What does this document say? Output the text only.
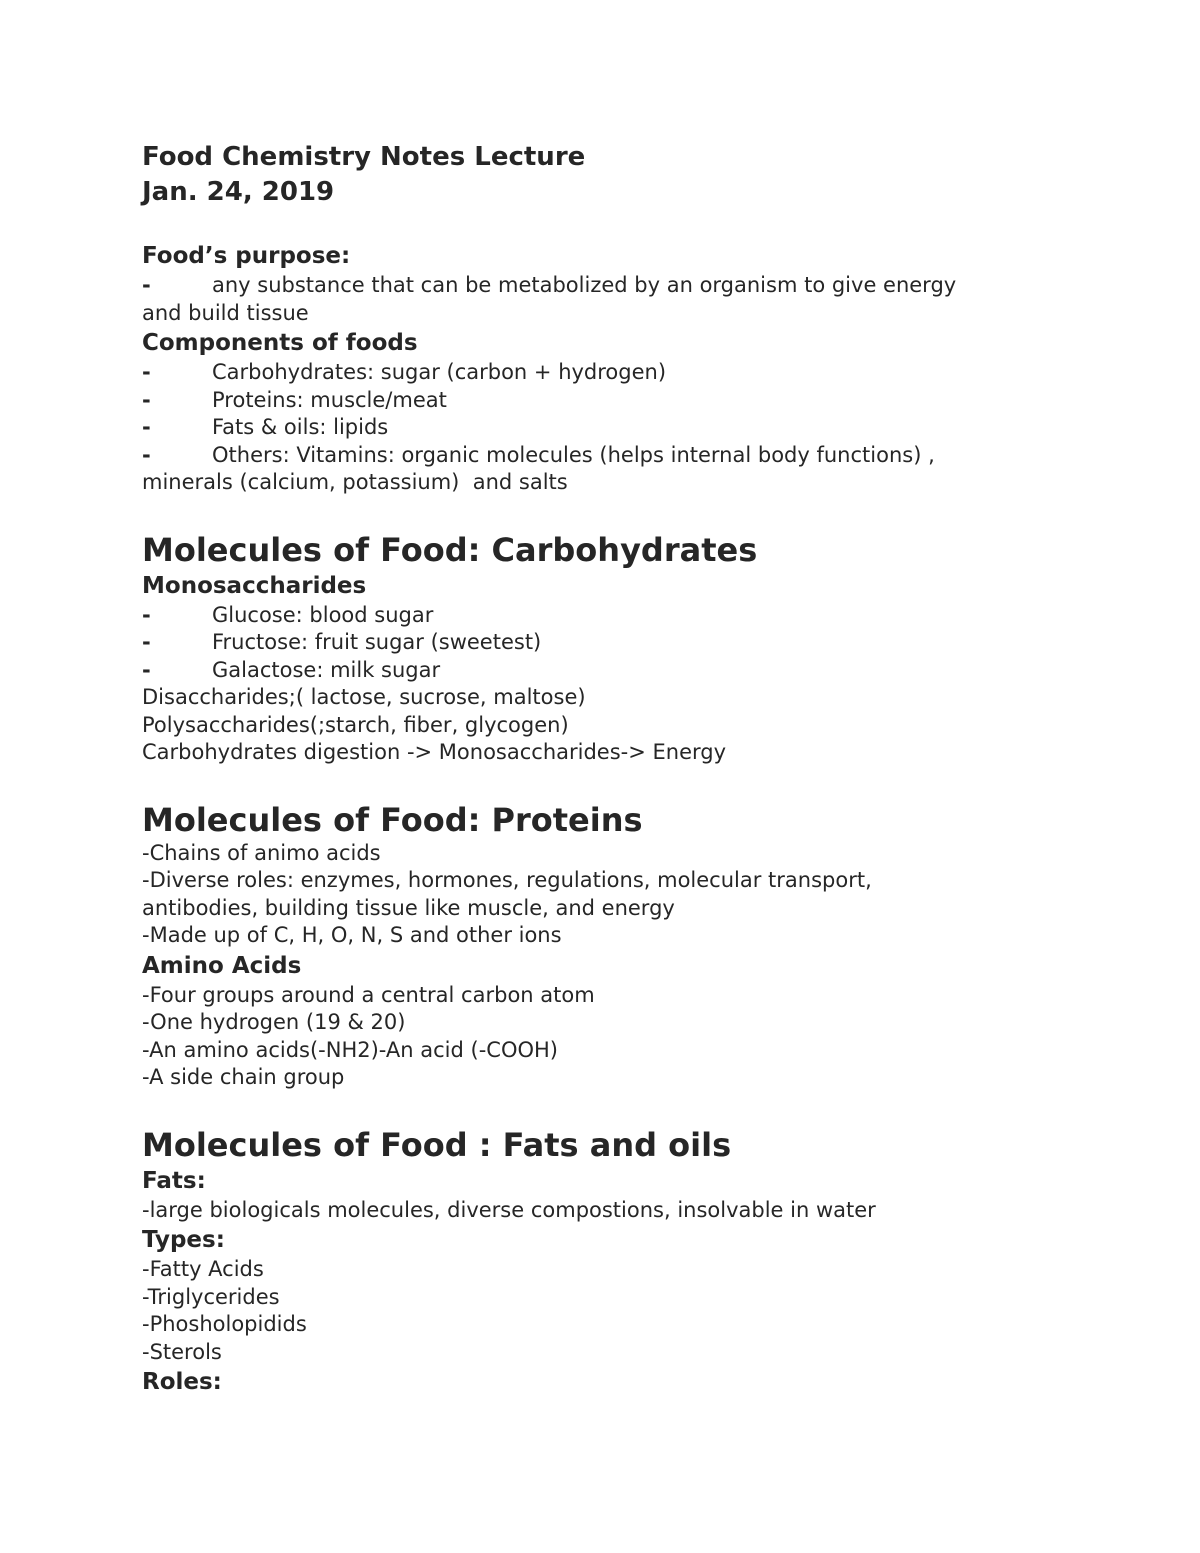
Food Chemistry Notes Lecture

Jan. 24, 2019

Food’s purpose:

-	any substance that can be metabolized by an organism to give energy

and build tissue

Components of foods

-	Carbohydrates: sugar (carbon + hydrogen)

-	Proteins: muscle/meat

-	Fats & oils: lipids

-	Others: Vitamins: organic molecules (helps internal body functions) ,

minerals (calcium, potassium)  and salts

Molecules of Food: Carbohydrates

Monosaccharides

-	Glucose: blood sugar

-	Fructose: fruit sugar (sweetest)

-	Galactose: milk sugar

Disaccharides;( lactose, sucrose, maltose)

Polysaccharides(;starch, fiber, glycogen)

Carbohydrates digestion -> Monosaccharides-> Energy

Molecules of Food: Proteins

-Chains of animo acids

-Diverse roles: enzymes, hormones, regulations, molecular transport,

antibodies, building tissue like muscle, and energy

-Made up of C, H, O, N, S and other ions

Amino Acids

-Four groups around a central carbon atom

-One hydrogen (19 & 20)

-An amino acids(-NH2)-An acid (-COOH)

-A side chain group

Molecules of Food : Fats and oils

Fats:

-large biologicals molecules, diverse compostions, insolvable in water

Types:

-Fatty Acids

-Triglycerides

-Phosholopidids

-Sterols

Roles:
